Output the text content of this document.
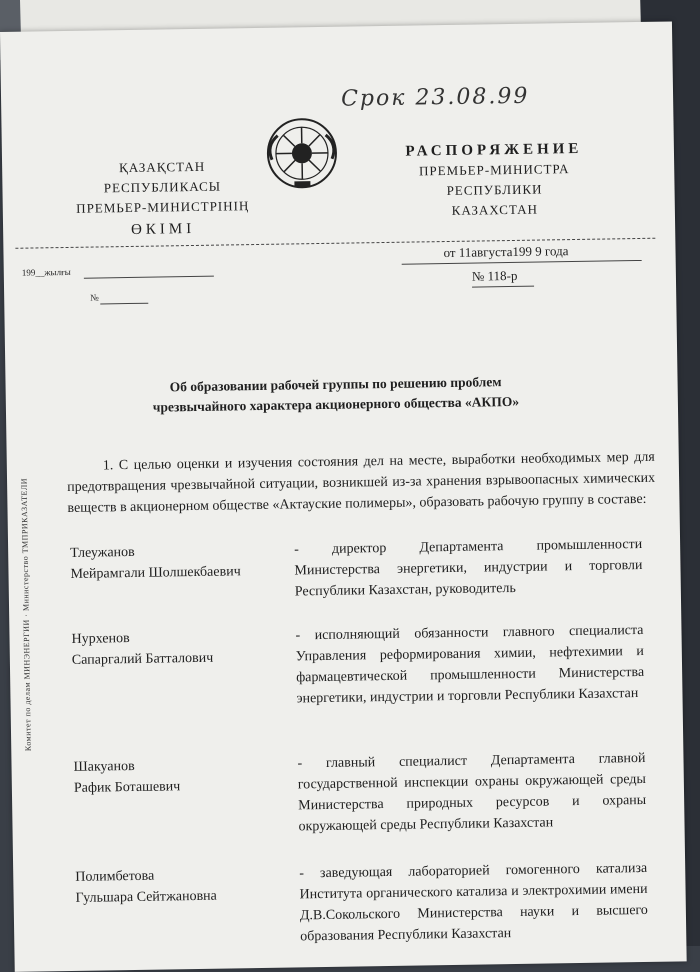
Срок 23.08.99
ҚАЗАҚСТАН
РЕСПУБЛИКАСЫ
ПРЕМЬЕР-МИНИСТРІНІҢ
ӨКІМІ
РАСПОРЯЖЕНИЕ
ПРЕМЬЕР-МИНИСТРА
РЕСПУБЛИКИ
КАЗАХСТАН
199__жылғы
№
от 11августа199 9 года
№ 118-р
Комитет по делам МИНЭНЕРГИИ · Министерство ТМПРИКАЗАТЕЛИ
Об образовании рабочей группы по решению проблем
чрезвычайного характера акционерного общества «АКПО»
1. С целью оценки и изучения состояния дел на месте, выработки необходимых мер для предотвращения чрезвычайной ситуации, возникшей из-за хранения взрывоопасных химических веществ в акционерном обществе «Актауские полимеры», образовать рабочую группу в составе:
Тлеужанов
Мейрамгали Шолшекбаевич
- директор Департамента промышленности Министерства энергетики, индустрии и торговли Республики Казахстан, руководитель
Нурхенов
Сапаргалий Батталович
- исполняющий обязанности главного специалиста Управления реформирования химии, нефтехимии и фармацевтической промышленности Министерства энергетики, индустрии и торговли Республики Казахстан
Шакуанов
Рафик Боташевич
- главный специалист Департамента главной государственной инспекции охраны окружающей среды Министерства природных ресурсов и охраны окружающей среды Республики Казахстан
Полимбетова
Гульшара Сейтжановна
- заведующая лабораторией гомогенного катализа Института органического катализа и электрохимии имени Д.В.Сокольского Министерства науки и высшего образования Республики Казахстан
